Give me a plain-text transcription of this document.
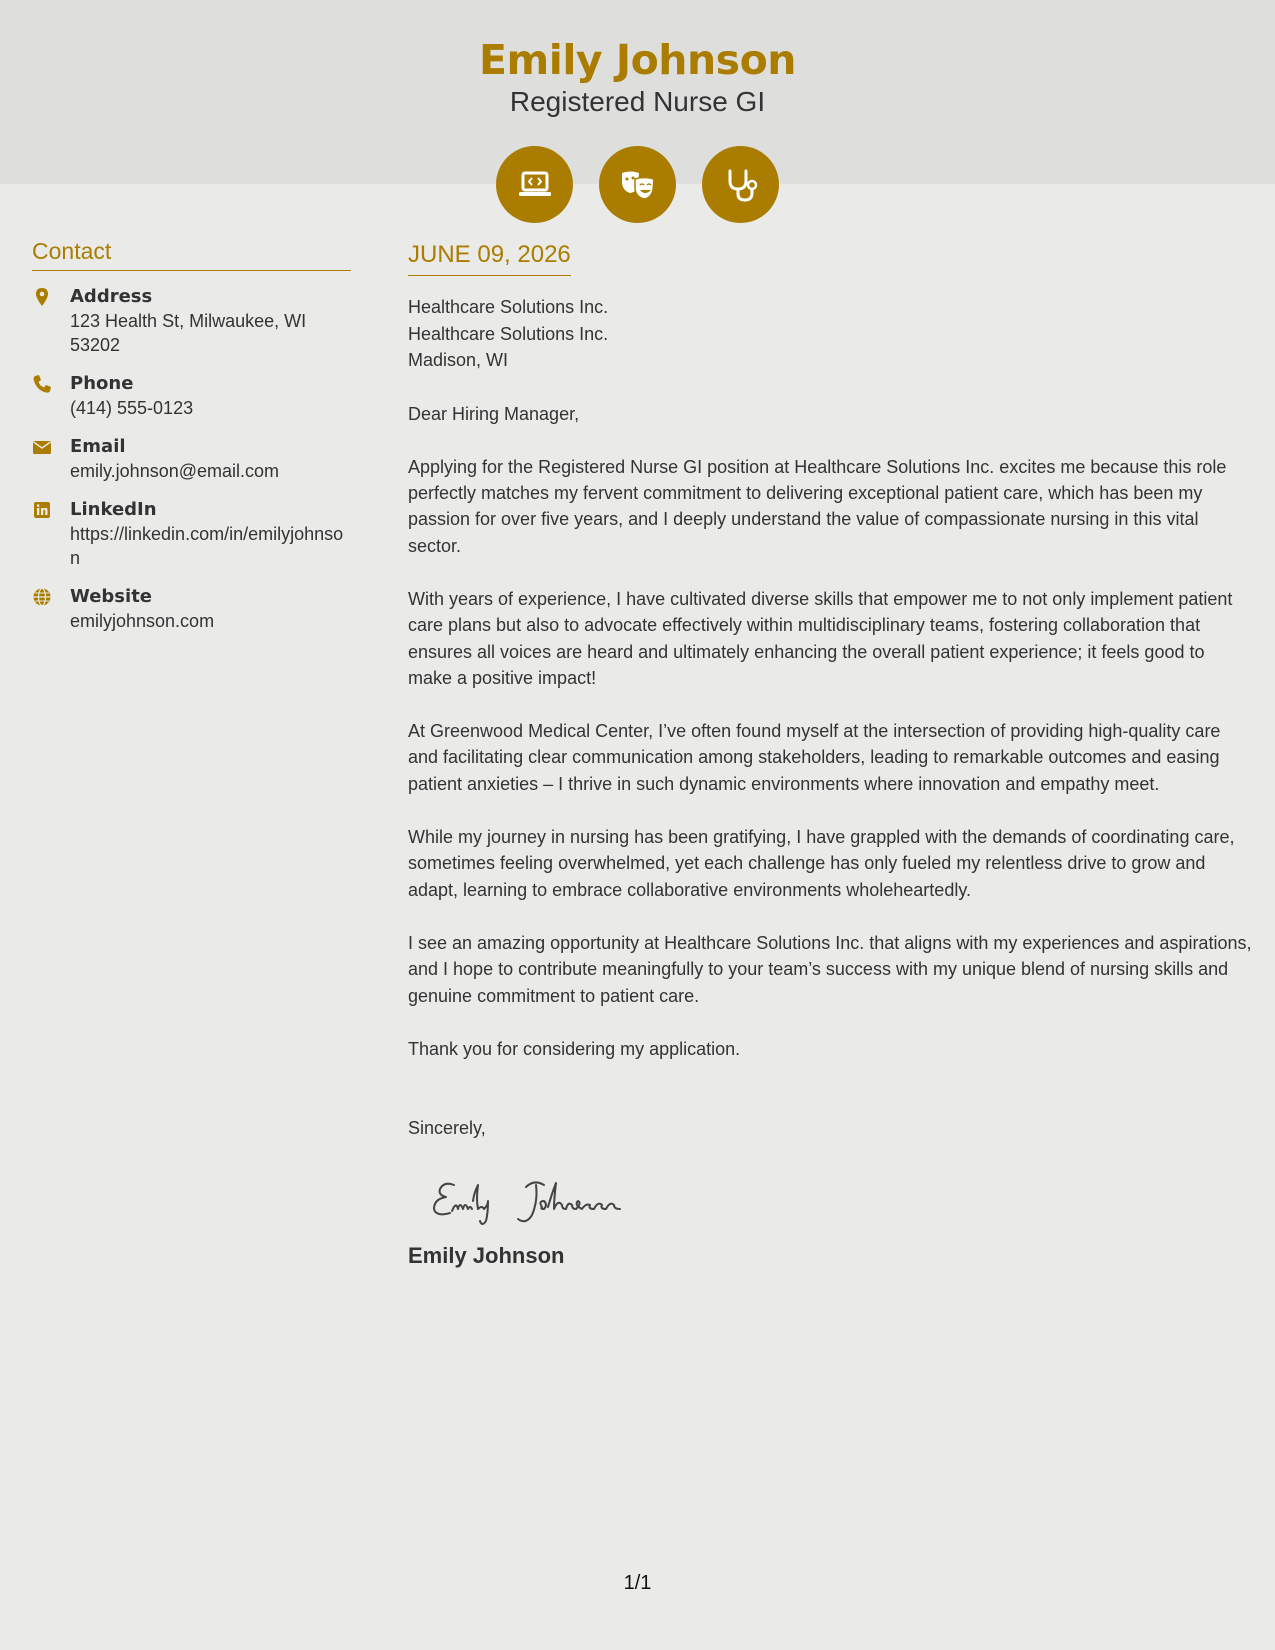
Emily Johnson
Registered Nurse GI
Contact
Address
123 Health St, Milwaukee, WI 53202
Phone
(414) 555-0123
Email
emily.johnson@email.com
LinkedIn
https://linkedin.com/in/emilyjohnson
Website
emilyjohnson.com
JUNE 09, 2026
Healthcare Solutions Inc.
Healthcare Solutions Inc.
Madison, WI
Dear Hiring Manager,
Applying for the Registered Nurse GI position at Healthcare Solutions Inc. excites me because this role perfectly matches my fervent commitment to delivering exceptional patient care, which has been my passion for over five years, and I deeply understand the value of compassionate nursing in this vital sector.
With years of experience, I have cultivated diverse skills that empower me to not only implement patient care plans but also to advocate effectively within multidisciplinary teams, fostering collaboration that ensures all voices are heard and ultimately enhancing the overall patient experience; it feels good to make a positive impact!
At Greenwood Medical Center, I’ve often found myself at the intersection of providing high-quality care and facilitating clear communication among stakeholders, leading to remarkable outcomes and easing patient anxieties – I thrive in such dynamic environments where innovation and empathy meet.
While my journey in nursing has been gratifying, I have grappled with the demands of coordinating care, sometimes feeling overwhelmed, yet each challenge has only fueled my relentless drive to grow and adapt, learning to embrace collaborative environments wholeheartedly.
I see an amazing opportunity at Healthcare Solutions Inc. that aligns with my experiences and aspirations, and I hope to contribute meaningfully to your team’s success with my unique blend of nursing skills and genuine commitment to patient care.
Thank you for considering my application.
Sincerely,
Emily Johnson
1/1
